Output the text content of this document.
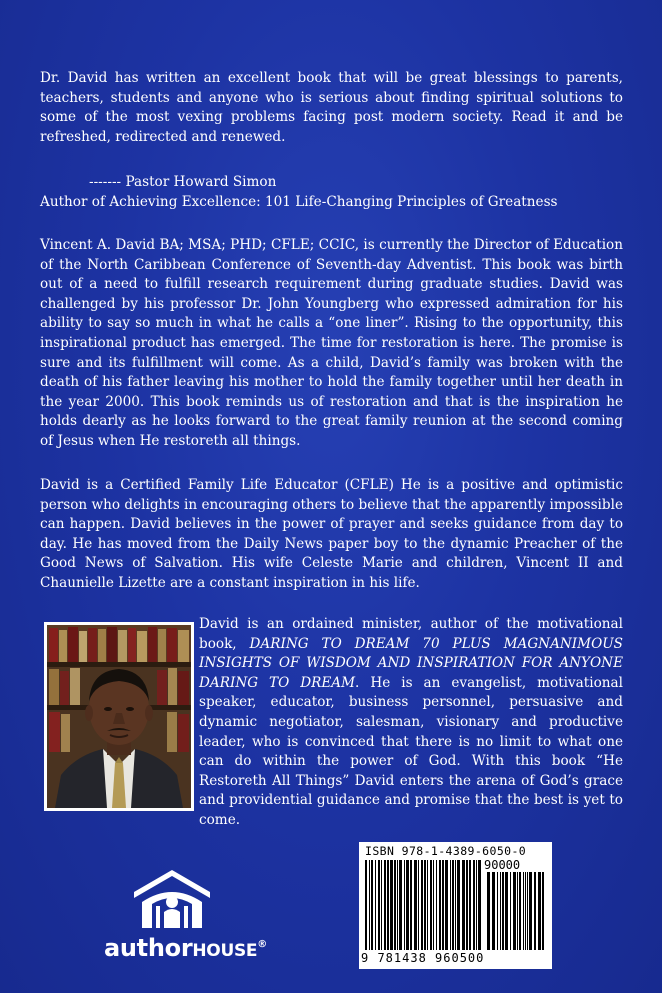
Dr. David has written an excellent book that will be great blessings to parents, teachers, students and anyone who is serious about finding spiritual solutions to some of the most vexing problems facing post modern society. Read it and be refreshed, redirected and renewed.

------- Pastor Howard Simon
Author of Achieving Excellence: 101 Life-Changing Principles of Greatness

Vincent A. David BA; MSA; PHD; CFLE; CCIC, is currently the Director of Education of the North Caribbean Conference of Seventh-day Adventist. This book was birth out of a need to fulfill research requirement during graduate studies. David was challenged by his professor Dr. John Youngberg who expressed admiration for his ability to say so much in what he calls a “one liner”. Rising to the opportunity, this inspirational product has emerged. The time for restoration is here. The promise is sure and its fulfillment will come. As a child, David’s family was broken with the death of his father leaving his mother to hold the family together until her death in the year 2000. This book reminds us of restoration and that is the inspiration he holds dearly as he looks forward to the great family reunion at the second coming of Jesus when He restoreth all things.

David is a Certified Family Life Educator (CFLE) He is a positive and optimistic person who delights in encouraging others to believe that the apparently impossible can happen. David believes in the power of prayer and seeks guidance from day to day. He has moved from the Daily News paper boy to the dynamic Preacher of the Good News of Salvation. His wife Celeste Marie and children, Vincent II and Chaunielle Lizette are a constant inspiration in his life.

David is an ordained minister, author of the motivational book, DARING TO DREAM 70 PLUS MAGNANIMOUS INSIGHTS OF WISDOM AND INSPIRATION FOR ANYONE DARING TO DREAM. He is an evangelist, motivational speaker, educator, business personnel, persuasive and dynamic negotiator, salesman, visionary and productive leader, who is convinced that there is no limit to what one can do within the power of God. With this book “He Restoreth All Things” David enters the arena of God’s grace and providential guidance and promise that the best is yet to come.

authorHOUSE®
ISBN 978-1-4389-6050-0
90000
9 781438 960500
